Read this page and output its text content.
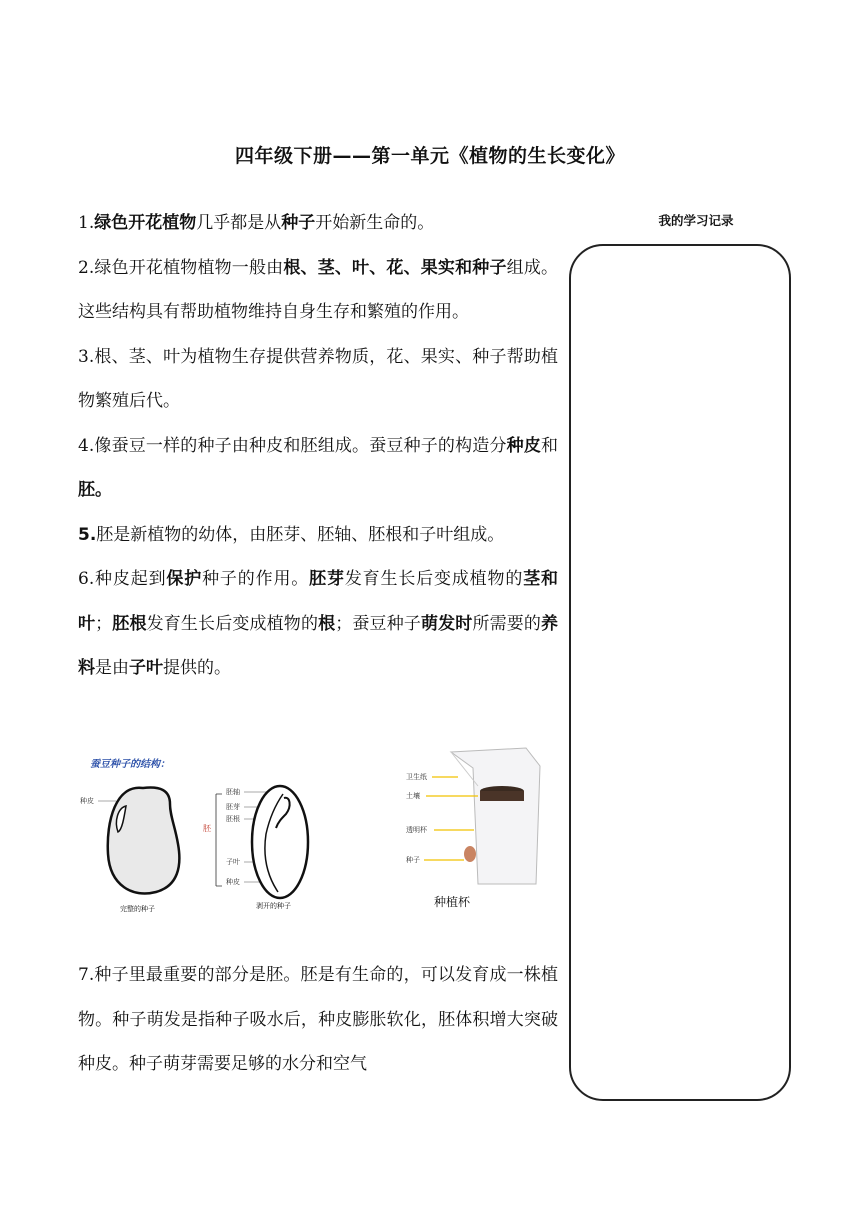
四年级下册——第一单元《植物的生长变化》

1.绿色开花植物几乎都是从种子开始新生命的。

2.绿色开花植物植物一般由根、茎、叶、花、果实和种子组成。这些结构具有帮助植物维持自身生存和繁殖的作用。

3.根、茎、叶为植物生存提供营养物质，花、果实、种子帮助植物繁殖后代。

4.像蚕豆一样的种子由种皮和胚组成。蚕豆种子的构造分种皮和胚。

5.胚是新植物的幼体，由胚芽、胚轴、胚根和子叶组成。

6.种皮起到保护种子的作用。胚芽发育生长后变成植物的茎和叶；胚根发育生长后变成植物的根；蚕豆种子萌发时所需要的养料是由子叶提供的。

蚕豆种子的结构：
种皮
完整的种子
胚
胚轴
胚芽
胚根
子叶
种皮
剥开的种子
卫生纸
土壤
透明杯
种子
种植杯

7.种子里最重要的部分是胚。胚是有生命的，可以发育成一株植物。种子萌发是指种子吸水后，种皮膨胀软化，胚体积增大突破种皮。种子萌芽需要足够的水分和空气

我的学习记录
